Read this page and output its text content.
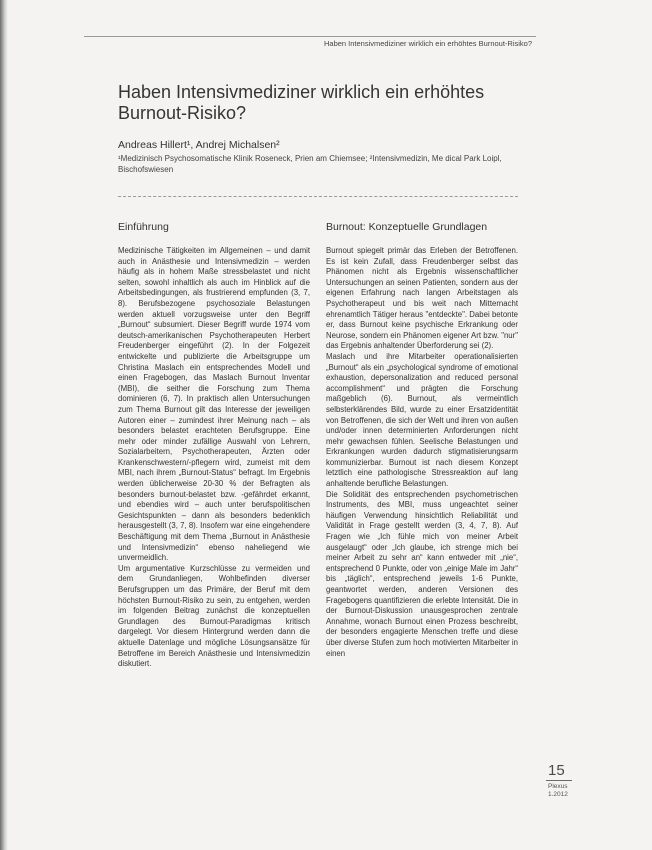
Haben Intensivmediziner wirklich ein erhöhtes Burnout-Risiko?
Haben Intensivmediziner wirklich ein erhöhtes Burnout-Risiko?
Andreas Hillert¹, Andrej Michalsen²
¹Medizinisch Psychosomatische Klinik Roseneck, Prien am Chiemsee; ²Intensivmedizin, Me dical Park Loipl, Bischofswiesen
Einführung	Burnout: Konzeptuelle Grundlagen

Medizinische Tätigkeiten im Allgemeinen – und damit auch in Anästhesie und Intensivmedizin – werden häufig als in hohem Maße stressbelastet und nicht selten, sowohl inhaltlich als auch im Hinblick auf die Arbeitsbedingungen, als frustrierend empfunden (3, 7, 8). Berufsbezogene psychosoziale Belastungen werden aktuell vorzugsweise unter den Begriff „Burnout“ subsumiert. Dieser Begriff wurde 1974 vom deutsch-amerikanischen Psychotherapeuten Herbert Freudenberger eingeführt (2). In der Folgezeit entwickelte und publizierte die Arbeitsgruppe um Christina Maslach ein entsprechendes Modell und einen Fragebogen, das Maslach Burnout Inventar (MBI), die seither die Forschung zum Thema dominieren (6, 7). In praktisch allen Untersuchungen zum Thema Burnout gilt das Interesse der jeweiligen Autoren einer – zumindest ihrer Meinung nach – als besonders belastet erachteten Berufsgruppe. Eine mehr oder minder zufällige Auswahl von Lehrern, Sozialarbeitern, Psychotherapeuten, Ärzten oder Krankenschwestern/-pflegern wird, zumeist mit dem MBI, nach ihrem „Burnout-Status“ befragt. Im Ergebnis werden üblicherweise 20-30 % der Befragten als besonders burnout-belastet bzw. -gefährdet erkannt, und ebendies wird – auch unter berufspolitischen Gesichtspunkten – dann als besonders bedenklich herausgestellt (3, 7, 8). Insofern war eine eingehendere Beschäftigung mit dem Thema „Burnout in Anästhesie und Intensivmedizin“ ebenso naheliegend wie unvermeidlich.

Um argumentative Kurzschlüsse zu vermeiden und dem Grundanliegen, Wohlbefinden diverser Berufsgruppen um das Primäre, der Beruf mit dem höchsten Burnout-Risiko zu sein, zu entgehen, werden im folgenden Beitrag zunächst die konzeptuellen Grundlagen des Burnout-Paradigmas kritisch dargelegt. Vor diesem Hintergrund werden dann die aktuelle Datenlage und mögliche Lösungsansätze für Betroffene im Bereich Anästhesie und Intensivmedizin diskutiert.

Burnout spiegelt primär das Erleben der Betroffenen. Es ist kein Zufall, dass Freudenberger selbst das Phänomen nicht als Ergebnis wissenschaftlicher Untersuchungen an seinen Patienten, sondern aus der eigenen Erfahrung nach langen Arbeitstagen als Psychotherapeut und bis weit nach Mitternacht ehrenamtlich Tätiger heraus "entdeckte". Dabei betonte er, dass Burnout keine psychische Erkrankung oder Neurose, sondern ein Phänomen eigener Art bzw. "nur" das Ergebnis anhaltender Überforderung sei (2).

Maslach und ihre Mitarbeiter operationalisierten „Burnout“ als ein „psychological syndrome of emotional exhaustion, depersonalization and reduced personal accomplishment“ und prägten die Forschung maßgeblich (6). Burnout, als vermeintlich selbsterklärendes Bild, wurde zu einer Ersatzidentität von Betroffenen, die sich der Welt und ihren von außen und/oder innen determinierten Anforderungen nicht mehr gewachsen fühlen. Seelische Belastungen und Erkrankungen wurden dadurch stigmatisierungsarm kommunizierbar. Burnout ist nach diesem Konzept letztlich eine pathologische Stressreaktion auf lang anhaltende berufliche Belastungen.

Die Solidität des entsprechenden psychometrischen Instruments, des MBI, muss ungeachtet seiner häufigen Verwendung hinsichtlich Reliabilität und Validität in Frage gestellt werden (3, 4, 7, 8). Auf Fragen wie „Ich fühle mich von meiner Arbeit ausgelaugt“ oder „Ich glaube, ich strenge mich bei meiner Arbeit zu sehr an“ kann entweder mit „nie“, entsprechend 0 Punkte, oder von „einige Male im Jahr“ bis „täglich“, entsprechend jeweils 1-6 Punkte, geantwortet werden, anderen Versionen des Fragebogens quantifizieren die erlebte Intensität. Die in der Burnout-Diskussion unausgesprochen zentrale Annahme, wonach Burnout einen Prozess beschreibt, der besonders engagierte Menschen treffe und diese über diverse Stufen zum hoch motivierten Mitarbeiter in einen

15
Plexus
1.2012
